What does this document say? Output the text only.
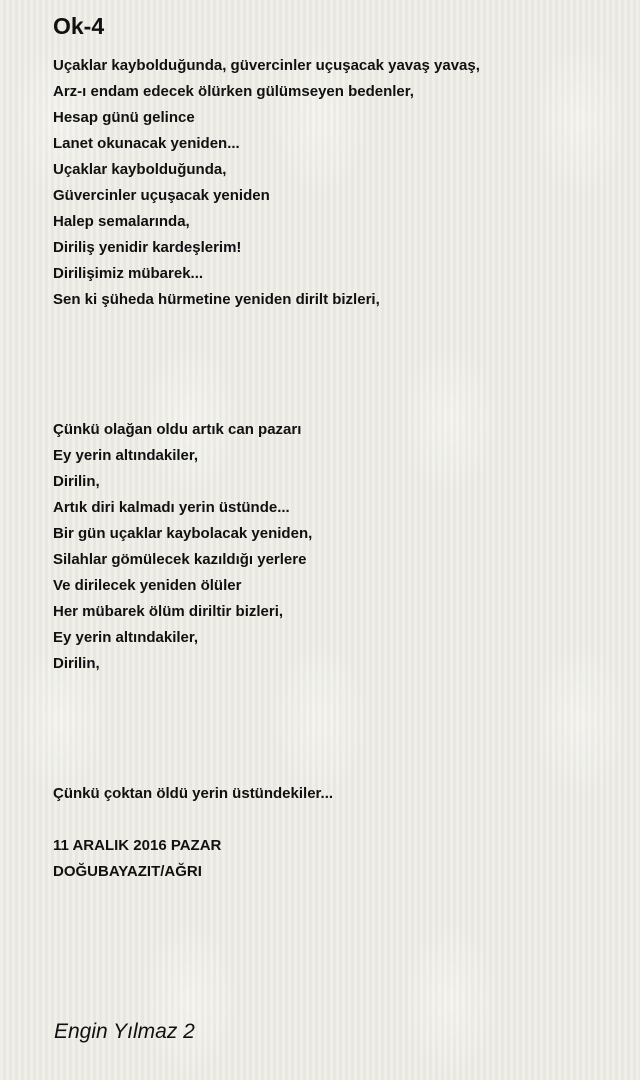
Ok-4
Uçaklar kaybolduğunda, güvercinler uçuşacak yavaş yavaş,
Arz-ı endam edecek ölürken gülümseyen bedenler,
Hesap günü gelince
Lanet okunacak yeniden...
Uçaklar kaybolduğunda,
Güvercinler uçuşacak yeniden
Halep semalarında,
Diriliş yenidir kardeşlerim!
Dirilişimiz mübarek...
Sen ki şüheda hürmetine yeniden dirilt bizleri,
Çünkü olağan oldu artık can pazarı
Ey yerin altındakiler,
Dirilin,
Artık diri kalmadı yerin üstünde...
Bir gün uçaklar kaybolacak yeniden,
Silahlar gömülecek kazıldığı yerlere
Ve dirilecek yeniden ölüler
Her mübarek ölüm diriltir bizleri,
Ey yerin altındakiler,
Dirilin,
Çünkü çoktan öldü yerin üstündekiler...
11 ARALIK 2016 PAZAR
DOĞUBAYAZIT/AĞRI
Engin Yılmaz 2
